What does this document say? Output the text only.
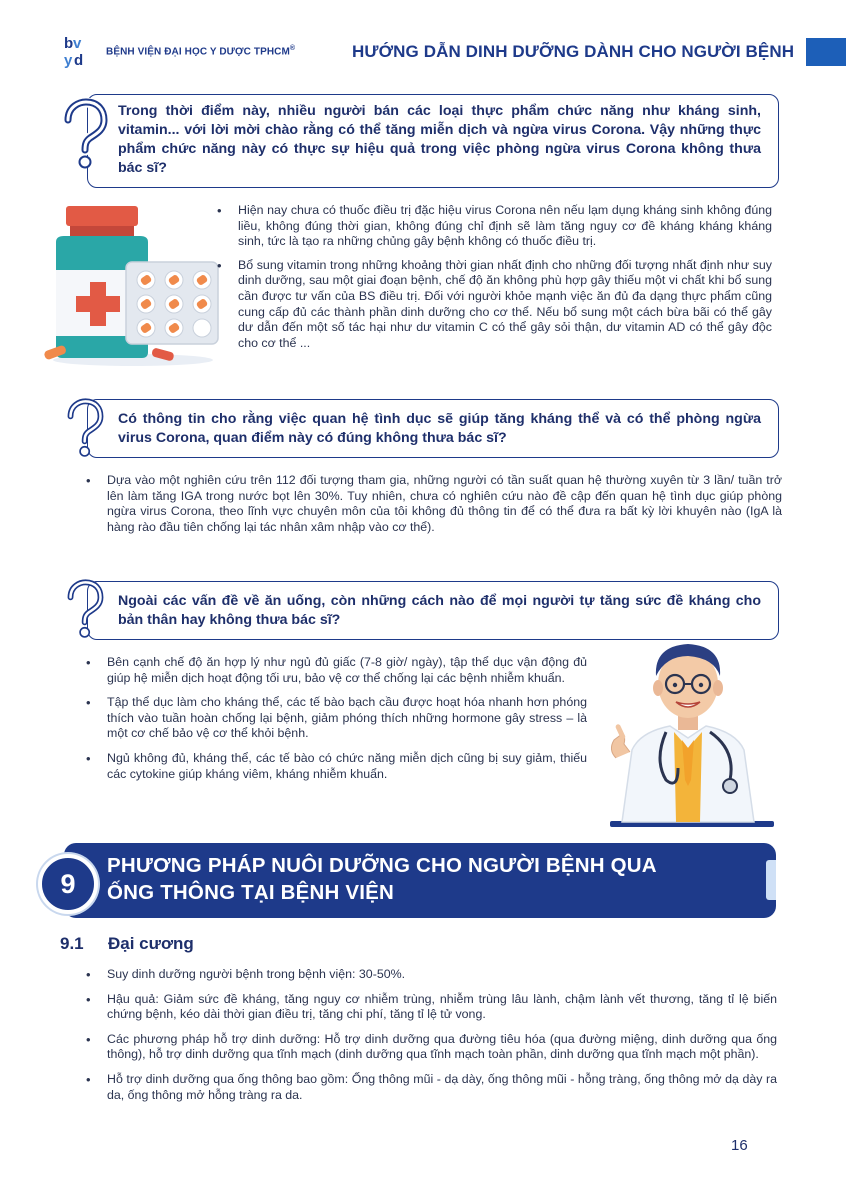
b v
y d
BỆNH VIỆN ĐẠI HỌC Y DƯỢC TPHCM®	HƯỚNG DẪN DINH DƯỠNG DÀNH CHO NGƯỜI BỆNH
Trong thời điểm này, nhiều người bán các loại thực phẩm chức năng như kháng sinh, vitamin... với lời mời chào rằng có thể tăng miễn dịch và ngừa virus Corona. Vậy những thực phẩm chức năng này có thực sự hiệu quả trong việc phòng ngừa virus Corona không thưa bác sĩ?
• Hiện nay chưa có thuốc điều trị đặc hiệu virus Corona nên nếu lạm dụng kháng sinh không đúng liều, không đúng thời gian, không đúng chỉ định sẽ làm tăng nguy cơ đề kháng kháng kháng sinh, tức là tạo ra những chủng gây bệnh không có thuốc điều trị.
• Bổ sung vitamin trong những khoảng thời gian nhất định cho những đối tượng nhất định như suy dinh dưỡng, sau một giai đoạn bệnh, chế độ ăn không phù hợp gây thiếu một vi chất khi bổ sung cần được tư vấn của BS điều trị. Đối với người khỏe mạnh việc ăn đủ đa dạng thực phẩm cũng cung cấp đủ các thành phần dinh dưỡng cho cơ thể. Nếu bổ sung một cách bừa bãi có thể gây dư dẫn đến một số tác hại như dư vitamin C có thể gây sỏi thận, dư vitamin AD có thể gây độc cho cơ thể ...
Có thông tin cho rằng việc quan hệ tình dục sẽ giúp tăng kháng thể và có thể phòng ngừa virus Corona, quan điểm này có đúng không thưa bác sĩ?
• Dựa vào một nghiên cứu trên 112 đối tượng tham gia, những người có tần suất quan hệ thường xuyên từ 3 lần/ tuần trở lên làm tăng IGA trong nước bọt lên 30%. Tuy nhiên, chưa có nghiên cứu nào đề cập đến quan hệ tình dục giúp phòng ngừa virus Corona, theo lĩnh vực chuyên môn của tôi không đủ thông tin để có thể đưa ra bất kỳ lời khuyên nào (IgA là hàng rào đầu tiên chống lại tác nhân xâm nhập vào cơ thể).
Ngoài các vấn đề về ăn uống, còn những cách nào để mọi người tự tăng sức đề kháng cho bản thân hay không thưa bác sĩ?
• Bên cạnh chế độ ăn hợp lý như ngủ đủ giấc (7-8 giờ/ ngày), tập thể dục vận động đủ giúp hệ miễn dịch hoạt động tối ưu, bảo vệ cơ thể chống lại các bệnh nhiễm khuẩn.
• Tập thể dục làm cho kháng thể, các tế bào bạch cầu được hoạt hóa nhanh hơn phóng thích vào tuần hoàn chống lại bệnh, giảm phóng thích những hormone gây stress – là một cơ chế bảo vệ cơ thể khỏi bệnh.
• Ngủ không đủ, kháng thể, các tế bào có chức năng miễn dịch cũng bị suy giảm, thiếu các cytokine giúp kháng viêm, kháng nhiễm khuẩn.
9
PHƯƠNG PHÁP NUÔI DƯỠNG CHO NGƯỜI BỆNH QUA
ỐNG THÔNG TẠI BỆNH VIỆN
9.1 Đại cương
• Suy dinh dưỡng người bệnh trong bệnh viện: 30-50%.
• Hậu quả: Giảm sức đề kháng, tăng nguy cơ nhiễm trùng, nhiễm trùng lâu lành, chậm lành vết thương, tăng tỉ lệ biến chứng bệnh, kéo dài thời gian điều trị, tăng chi phí, tăng tỉ lệ tử vong.
• Các phương pháp hỗ trợ dinh dưỡng: Hỗ trợ dinh dưỡng qua đường tiêu hóa (qua đường miệng, dinh dưỡng qua ống thông), hỗ trợ dinh dưỡng qua tĩnh mạch (dinh dưỡng qua tĩnh mạch toàn phần, dinh dưỡng qua tĩnh mạch một phần).
• Hỗ trợ dinh dưỡng qua ống thông bao gồm: Ống thông mũi - dạ dày, ống thông mũi - hỗng tràng, ống thông mở dạ dày ra da, ống thông mở hỗng tràng ra da.
16
